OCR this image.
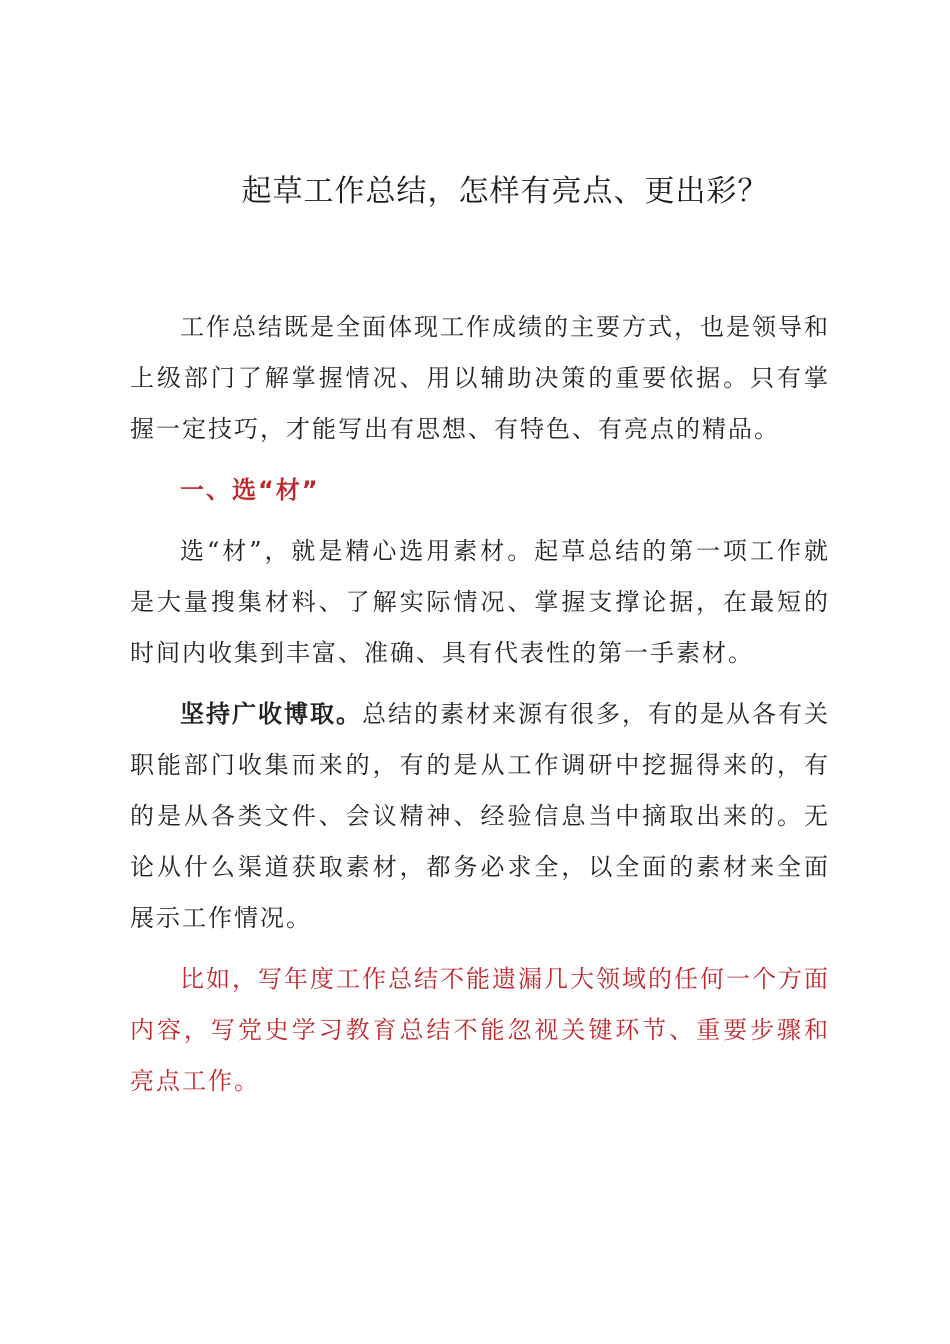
起草工作总结，怎样有亮点、更出彩？

工作总结既是全面体现工作成绩的主要方式，也是领导和上级部门了解掌握情况、用以辅助决策的重要依据。只有掌握一定技巧，才能写出有思想、有特色、有亮点的精品。

一、选“材”

选“材”，就是精心选用素材。起草总结的第一项工作就是大量搜集材料、了解实际情况、掌握支撑论据，在最短的时间内收集到丰富、准确、具有代表性的第一手素材。

坚持广收博取。总结的素材来源有很多，有的是从各有关职能部门收集而来的，有的是从工作调研中挖掘得来的，有的是从各类文件、会议精神、经验信息当中摘取出来的。无论从什么渠道获取素材，都务必求全，以全面的素材来全面展示工作情况。

比如，写年度工作总结不能遗漏几大领域的任何一个方面内容，写党史学习教育总结不能忽视关键环节、重要步骤和亮点工作。
